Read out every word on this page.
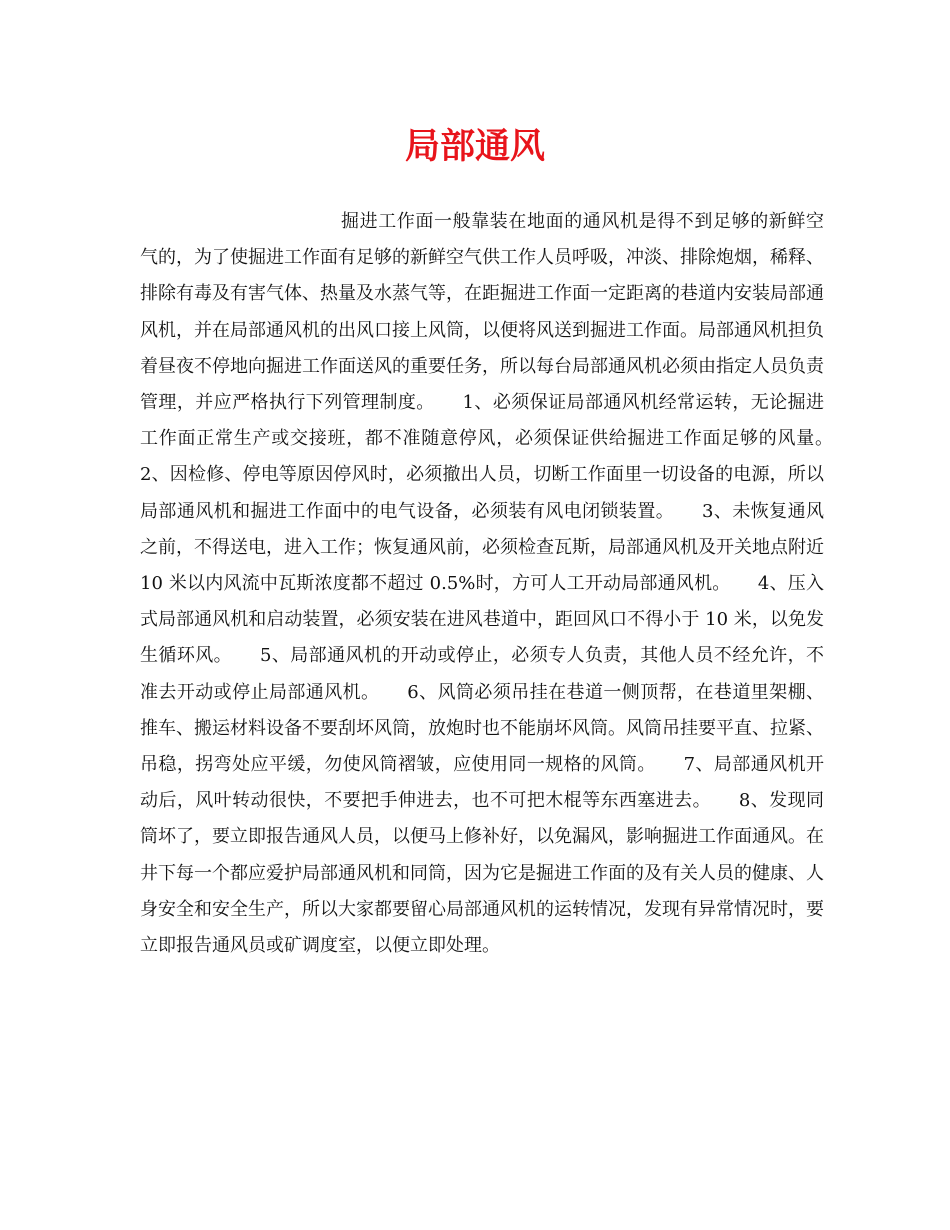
局部通风

掘进工作面一般靠装在地面的通风机是得不到足够的新鲜空气的，为了使掘进工作面有足够的新鲜空气供工作人员呼吸，冲淡、排除炮烟，稀释、排除有毒及有害气体、热量及水蒸气等，在距掘进工作面一定距离的巷道内安装局部通风机，并在局部通风机的出风口接上风筒，以便将风送到掘进工作面。局部通风机担负着昼夜不停地向掘进工作面送风的重要任务，所以每台局部通风机必须由指定人员负责管理，并应严格执行下列管理制度。　　1、必须保证局部通风机经常运转，无论掘进工作面正常生产或交接班，都不准随意停风，必须保证供给掘进工作面足够的风量。　　2、因检修、停电等原因停风时，必须撤出人员，切断工作面里一切设备的电源，所以局部通风机和掘进工作面中的电气设备，必须装有风电闭锁装置。　　3、未恢复通风之前，不得送电，进入工作；恢复通风前，必须检查瓦斯，局部通风机及开关地点附近 10 米以内风流中瓦斯浓度都不超过 0.5%时，方可人工开动局部通风机。　　4、压入式局部通风机和启动装置，必须安装在进风巷道中，距回风口不得小于 10 米，以免发生循环风。　　5、局部通风机的开动或停止，必须专人负责，其他人员不经允许，不准去开动或停止局部通风机。　　6、风筒必须吊挂在巷道一侧顶帮，在巷道里架棚、推车、搬运材料设备不要刮坏风筒，放炮时也不能崩坏风筒。风筒吊挂要平直、拉紧、吊稳，拐弯处应平缓，勿使风筒褶皱，应使用同一规格的风筒。　　7、局部通风机开动后，风叶转动很快，不要把手伸进去，也不可把木棍等东西塞进去。　　8、发现同筒坏了，要立即报告通风人员，以便马上修补好，以免漏风，影响掘进工作面通风。在井下每一个都应爱护局部通风机和同筒，因为它是掘进工作面的及有关人员的健康、人身安全和安全生产，所以大家都要留心局部通风机的运转情况，发现有异常情况时，要立即报告通风员或矿调度室，以便立即处理。
